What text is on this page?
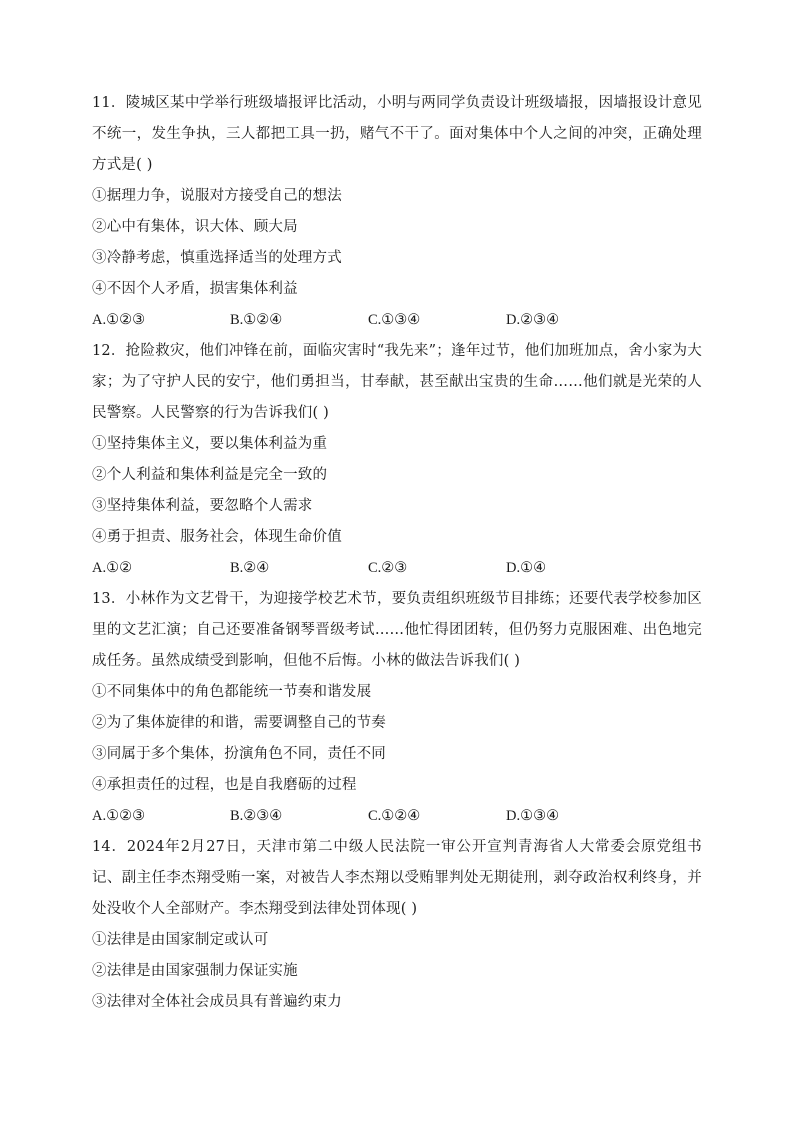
11．陵城区某中学举行班级墙报评比活动，小明与两同学负责设计班级墙报，因墙报设计意见不统一，发生争执，三人都把工具一扔，赌气不干了。面对集体中个人之间的冲突，正确处理方式是( )

①据理力争，说服对方接受自己的想法

②心中有集体，识大体、顾大局

③冷静考虑，慎重选择适当的处理方式

④不因个人矛盾，损害集体利益

A.①②③	B.①②④	C.①③④	D.②③④

12．抢险救灾，他们冲锋在前，面临灾害时“我先来”；逢年过节，他们加班加点，舍小家为大家；为了守护人民的安宁，他们勇担当，甘奉献，甚至献出宝贵的生命……他们就是光荣的人民警察。人民警察的行为告诉我们( )

①坚持集体主义，要以集体利益为重

②个人利益和集体利益是完全一致的

③坚持集体利益，要忽略个人需求

④勇于担责、服务社会，体现生命价值

A.①②	B.②④	C.②③	D.①④

13．小林作为文艺骨干，为迎接学校艺术节，要负责组织班级节目排练；还要代表学校参加区里的文艺汇演；自己还要准备钢琴晋级考试……他忙得团团转，但仍努力克服困难、出色地完成任务。虽然成绩受到影响，但他不后悔。小林的做法告诉我们( )

①不同集体中的角色都能统一节奏和谐发展

②为了集体旋律的和谐，需要调整自己的节奏

③同属于多个集体，扮演角色不同，责任不同

④承担责任的过程，也是自我磨砺的过程

A.①②③	B.②③④	C.①②④	D.①③④

14．2024年2月27日，天津市第二中级人民法院一审公开宣判青海省人大常委会原党组书记、副主任李杰翔受贿一案，对被告人李杰翔以受贿罪判处无期徒刑，剥夺政治权利终身，并处没收个人全部财产。李杰翔受到法律处罚体现( )

①法律是由国家制定或认可

②法律是由国家强制力保证实施

③法律对全体社会成员具有普遍约束力
